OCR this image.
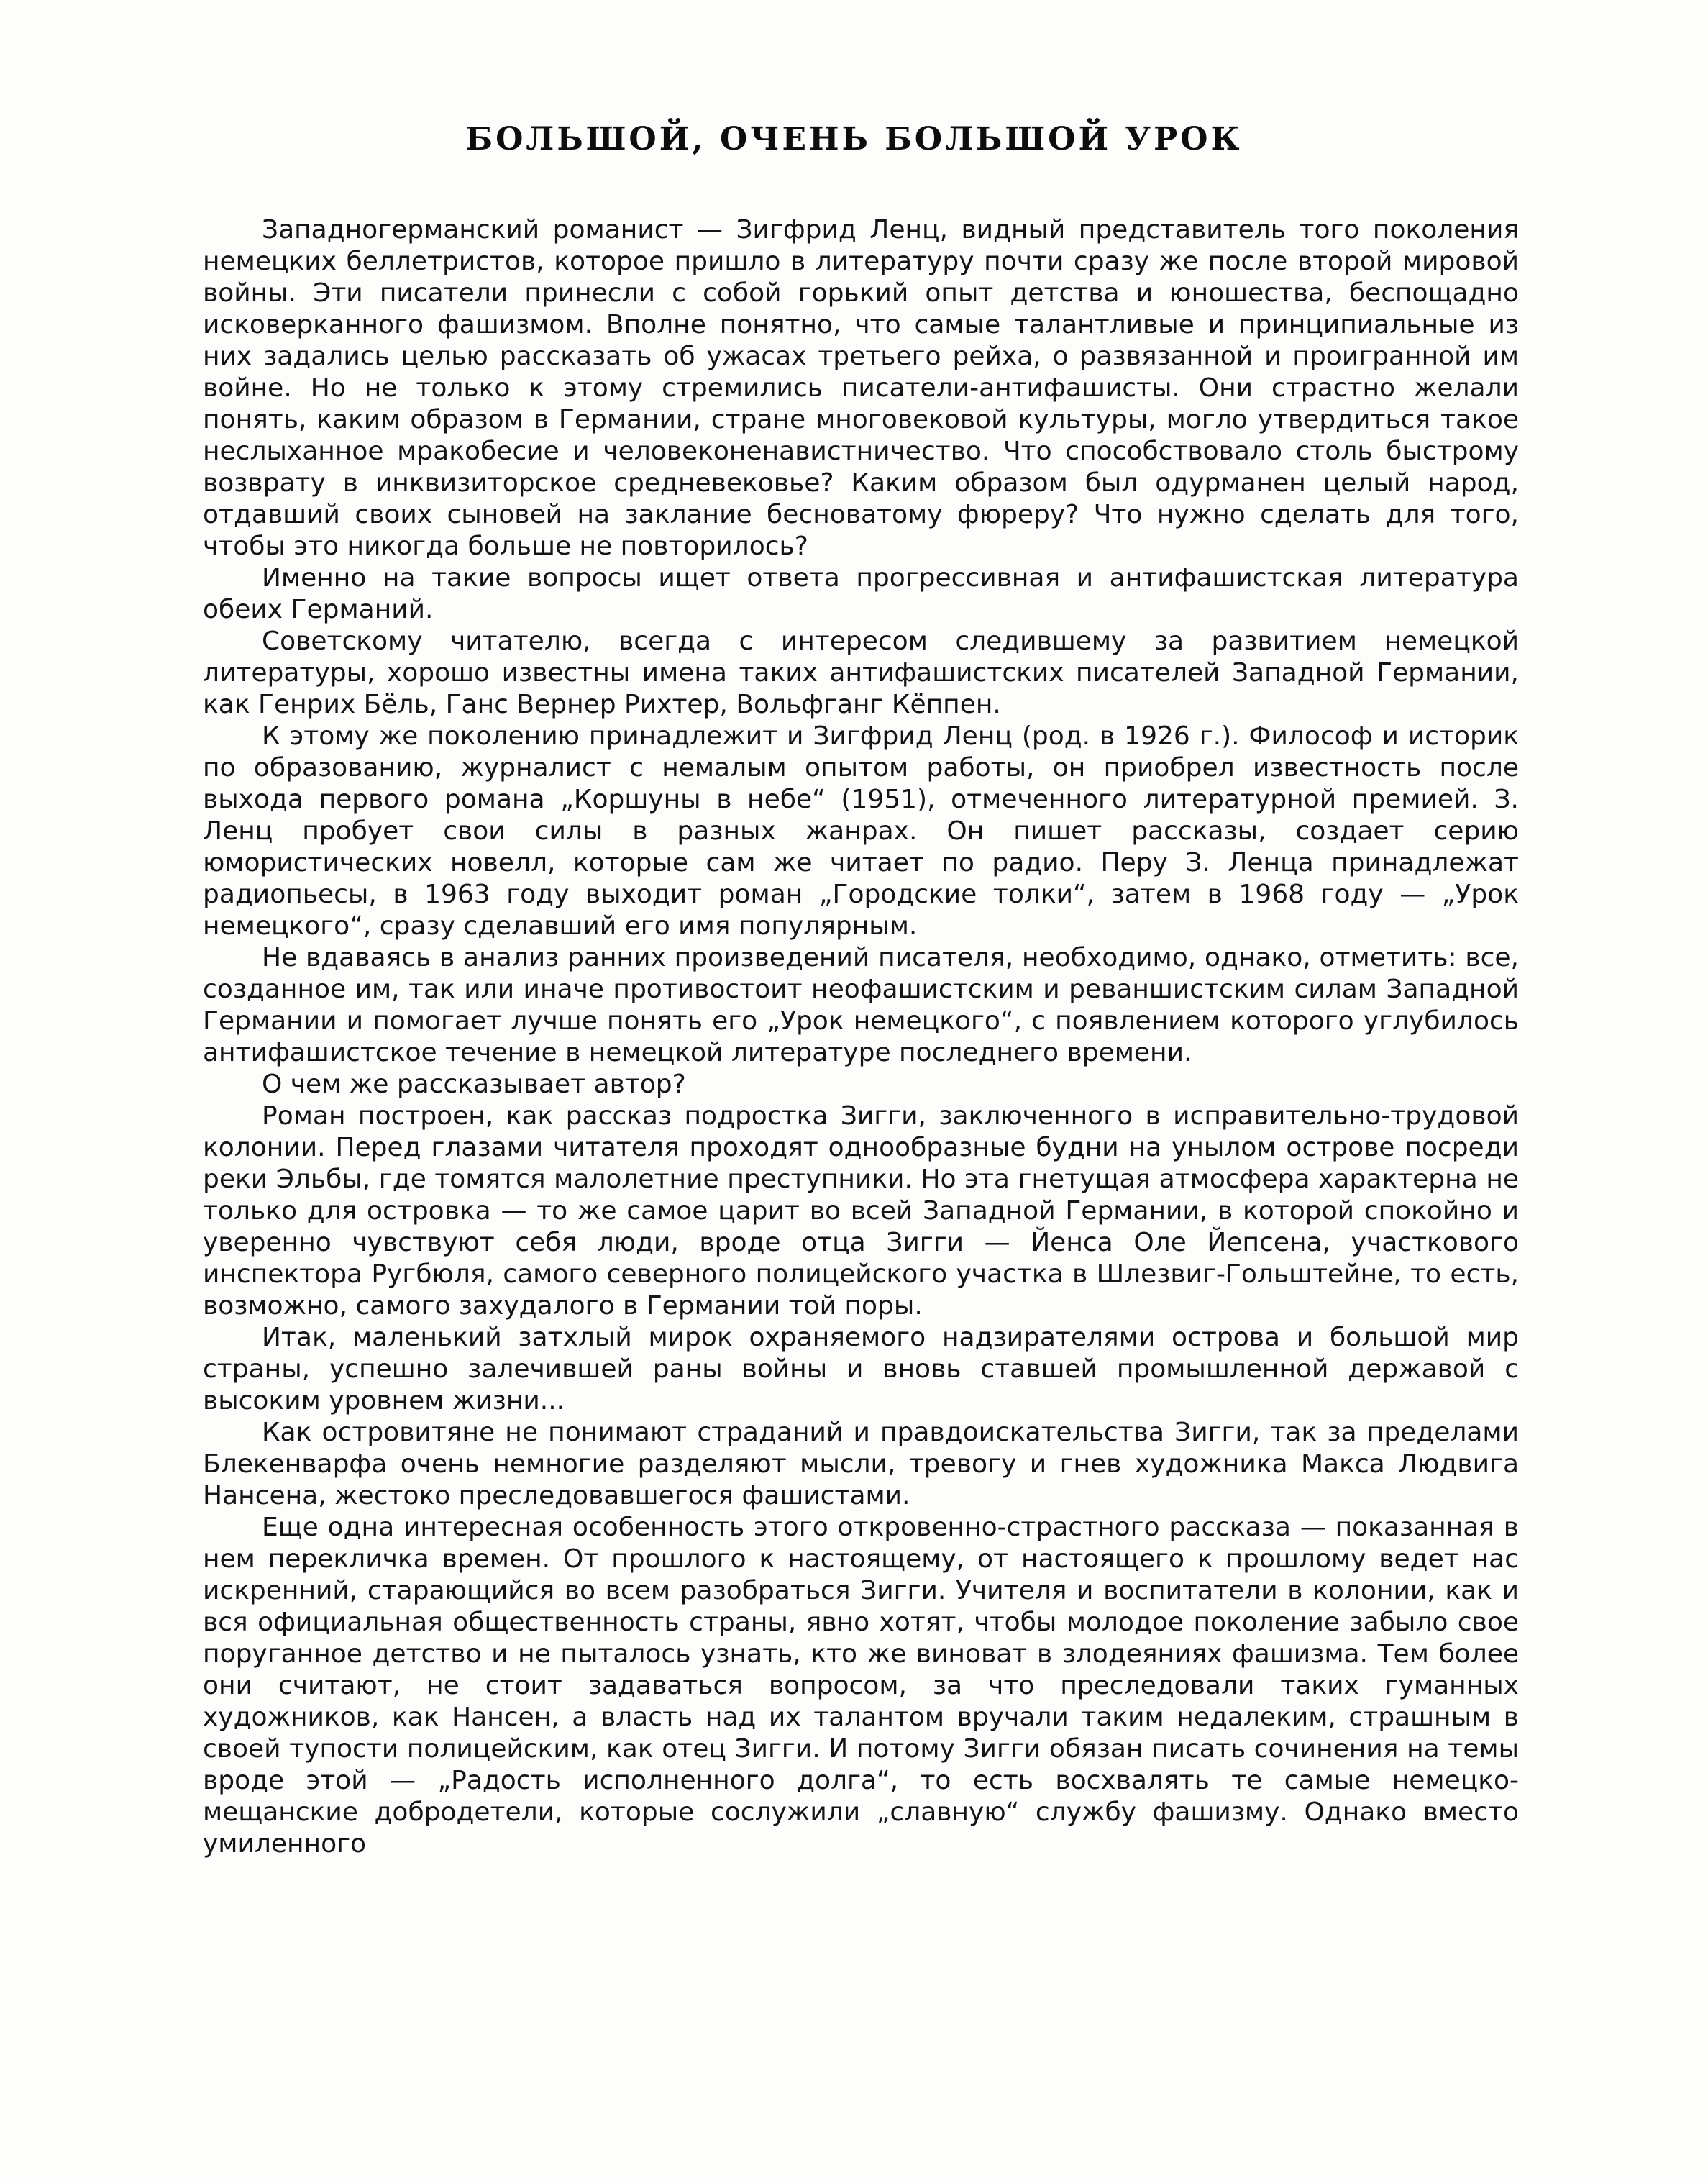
БОЛЬШОЙ, ОЧЕНЬ БОЛЬШОЙ УРОК

Западногерманский романист — Зигфрид Ленц, видный представитель того поколения немецких беллетристов, которое пришло в литературу почти сразу же после второй мировой войны. Эти писатели принесли с собой горький опыт детства и юношества, беспощадно исковерканного фашизмом. Вполне понятно, что самые талантливые и принципиальные из них задались целью рассказать об ужасах третьего рейха, о развязанной и проигранной им войне. Но не только к этому стремились писатели-антифашисты. Они страстно желали понять, каким образом в Германии, стране многовековой культуры, могло утвердиться такое неслыханное мракобесие и человеконенавистничество. Что способствовало столь быстрому возврату в инквизиторское средневековье? Каким образом был одурманен целый народ, отдавший своих сыновей на заклание бесноватому фюреру? Что нужно сделать для того, чтобы это никогда больше не повторилось?

Именно на такие вопросы ищет ответа прогрессивная и антифашистская литература обеих Германий.

Советскому читателю, всегда с интересом следившему за развитием немецкой литературы, хорошо известны имена таких антифашистских писателей Западной Германии, как Генрих Бёль, Ганс Вернер Рихтер, Вольфганг Кёппен.

К этому же поколению принадлежит и Зигфрид Ленц (род. в 1926 г.). Философ и историк по образованию, журналист с немалым опытом работы, он приобрел известность после выхода первого романа „Коршуны в небе“ (1951), отмеченного литературной премией. З. Ленц пробует свои силы в разных жанрах. Он пишет рассказы, создает серию юмористических новелл, которые сам же читает по радио. Перу З. Ленца принадлежат радиопьесы, в 1963 году выходит роман „Городские толки“, затем в 1968 году — „Урок немецкого“, сразу сделавший его имя популярным.

Не вдаваясь в анализ ранних произведений писателя, необходимо, однако, отметить: все, созданное им, так или иначе противостоит неофашистским и реваншистским силам Западной Германии и помогает лучше понять его „Урок немецкого“, с появлением которого углубилось антифашистское течение в немецкой литературе последнего времени.

О чем же рассказывает автор?

Роман построен, как рассказ подростка Зигги, заключенного в исправительно-трудовой колонии. Перед глазами читателя проходят однообразные будни на унылом острове посреди реки Эльбы, где томятся малолетние преступники. Но эта гнетущая атмосфера характерна не только для островка — то же самое царит во всей Западной Германии, в которой спокойно и уверенно чувствуют себя люди, вроде отца Зигги — Йенса Оле Йепсена, участкового инспектора Ругбюля, самого северного полицейского участка в Шлезвиг-Гольштейне, то есть, возможно, самого захудалого в Германии той поры.

Итак, маленький затхлый мирок охраняемого надзирателями острова и большой мир страны, успешно залечившей раны войны и вновь ставшей промышленной державой с высоким уровнем жизни...

Как островитяне не понимают страданий и правдоискательства Зигги, так за пределами Блекенварфа очень немногие разделяют мысли, тревогу и гнев художника Макса Людвига Нансена, жестоко преследовавшегося фашистами.

Еще одна интересная особенность этого откровенно-страстного рассказа — показанная в нем перекличка времен. От прошлого к настоящему, от настоящего к прошлому ведет нас искренний, старающийся во всем разобраться Зигги. Учителя и воспитатели в колонии, как и вся официальная общественность страны, явно хотят, чтобы молодое поколение забыло свое поруганное детство и не пыталось узнать, кто же виноват в злодеяниях фашизма. Тем более они считают, не стоит задаваться вопросом, за что преследовали таких гуманных художников, как Нансен, а власть над их талантом вручали таким недалеким, страшным в своей тупости полицейским, как отец Зигги. И потому Зигги обязан писать сочинения на темы вроде этой — „Радость исполненного долга“, то есть восхвалять те самые немецко-мещанские добродетели, которые сослужили „славную“ службу фашизму. Однако вместо умиленного
